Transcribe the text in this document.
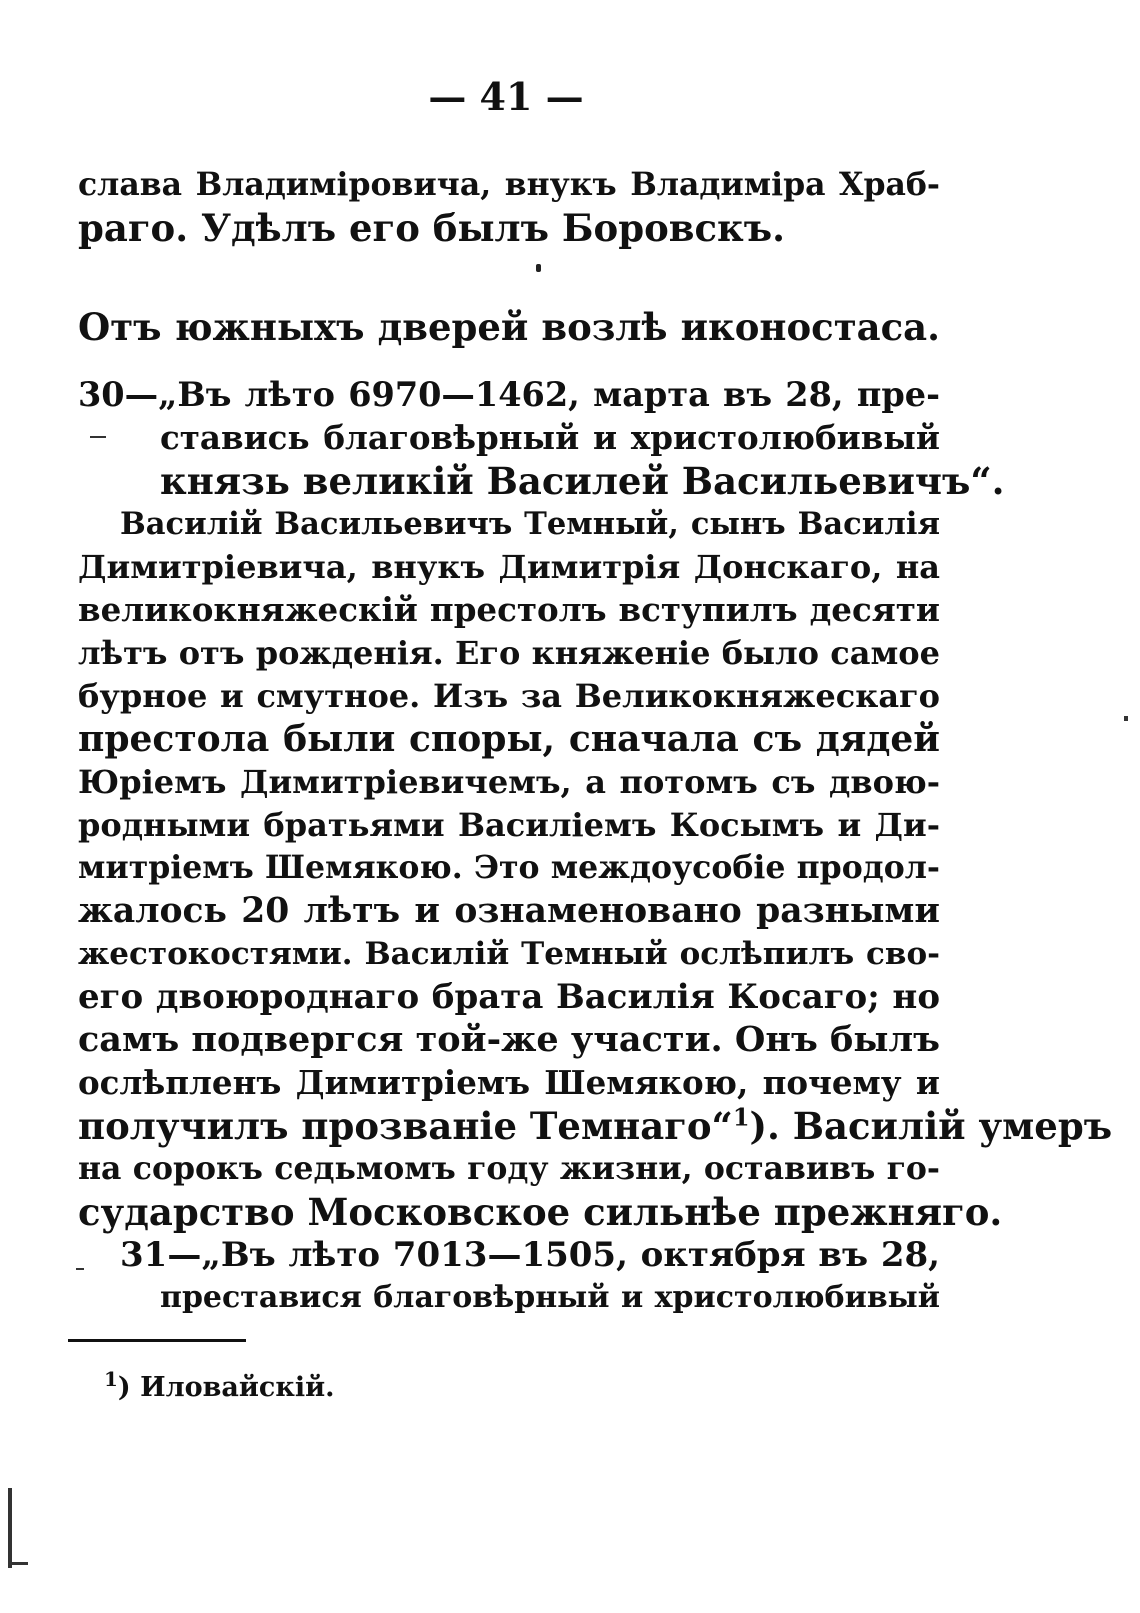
— 41 —
слава Владимiровича, внукъ Владимiра Храб-
раго. Удѣлъ его былъ Боровскъ.
Отъ южныхъ дверей возлѣ иконостаса.
30—„Въ лѣто 6970—1462, марта въ 28, пре-
ставись благовѣрный и христолюбивый
князь великiй Василей Васильевичъ“.
Василiй Васильевичъ Темный, сынъ Василiя
Димитрiевича, внукъ Димитрiя Донскаго, на
великокняжескiй престолъ вступилъ десяти
лѣтъ отъ рожденiя. Его княженiе было самое
бурное и смутное. Изъ за Великокняжескаго
престола были споры, сначала съ дядей
Юрiемъ Димитрiевичемъ, а потомъ съ двою-
родными братьями Василiемъ Косымъ и Ди-
митрiемъ Шемякою. Это междоусобiе продол-
жалось 20 лѣтъ и ознаменовано разными
жестокостями. Василiй Темный ослѣпилъ сво-
его двоюроднаго брата Василiя Косаго; но
самъ подвергся той-же участи. Онъ былъ
ослѣпленъ Димитрiемъ Шемякою, почему и
получилъ прозванiе Темнаго“$^1$). Василiй умеръ
на сорокъ седьмомъ году жизни, оставивъ го-
сударство Московское сильнѣе прежняго.
31—„Въ лѣто 7013—1505, октября въ 28,
преставися благовѣрный и христолюбивый
$^1$) Иловайскiй.
